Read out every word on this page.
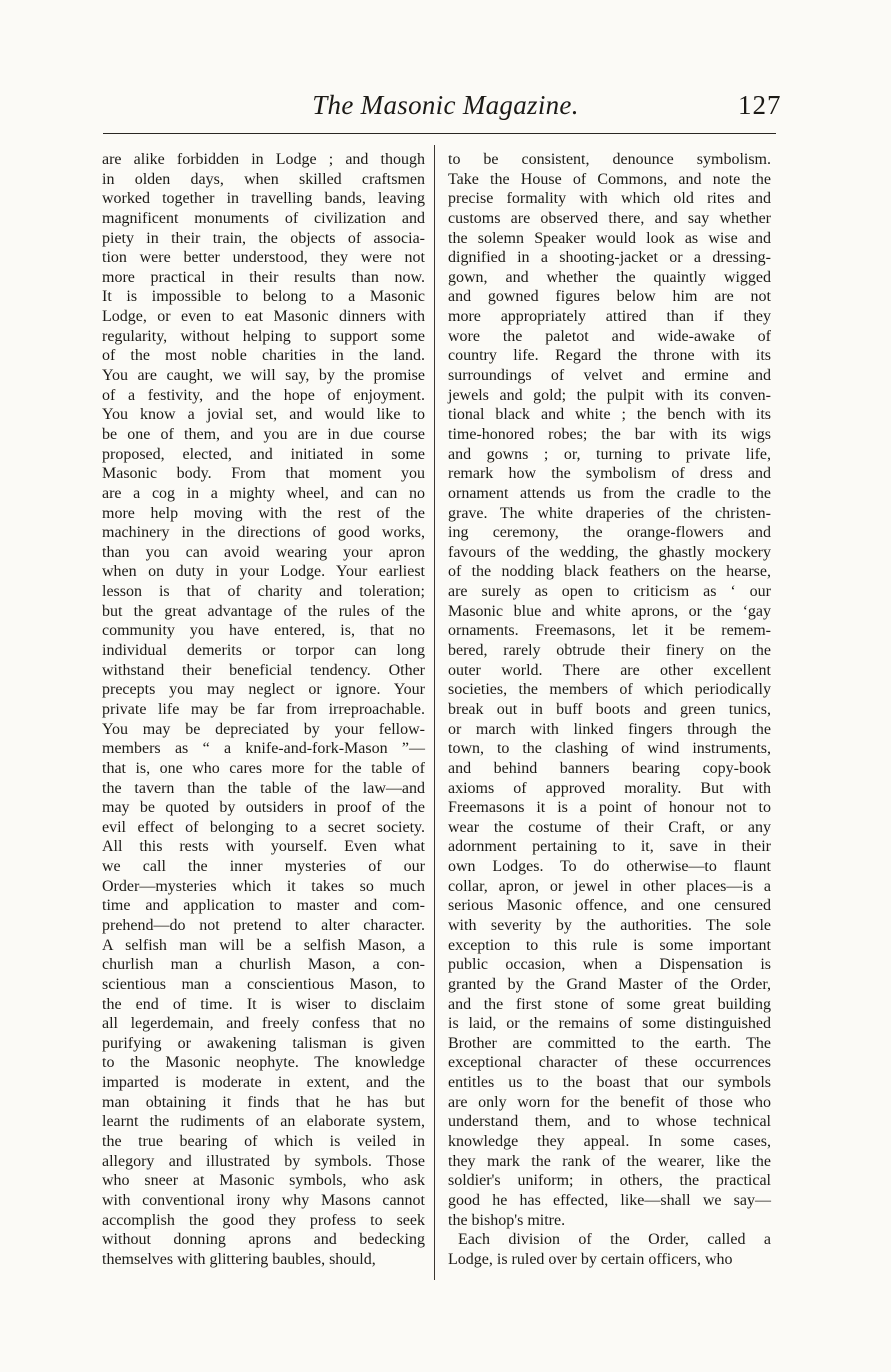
The Masonic Magazine.	127
are alike forbidden in Lodge ; and though
in olden days, when skilled craftsmen
worked together in travelling bands, leaving
magnificent monuments of civilization and
piety in their train, the objects of associa-
tion were better understood, they were not
more practical in their results than now.
It is impossible to belong to a Masonic
Lodge, or even to eat Masonic dinners with
regularity, without helping to support some
of the most noble charities in the land.
You are caught, we will say, by the promise
of a festivity, and the hope of enjoyment.
You know a jovial set, and would like to
be one of them, and you are in due course
proposed, elected, and initiated in some
Masonic body. From that moment you
are a cog in a mighty wheel, and can no
more help moving with the rest of the
machinery in the directions of good works,
than you can avoid wearing your apron
when on duty in your Lodge. Your earliest
lesson is that of charity and toleration;
but the great advantage of the rules of the
community you have entered, is, that no
individual demerits or torpor can long
withstand their beneficial tendency. Other
precepts you may neglect or ignore. Your
private life may be far from irreproachable.
You may be depreciated by your fellow-
members as “ a knife-and-fork-Mason ”—
that is, one who cares more for the table of
the tavern than the table of the law—and
may be quoted by outsiders in proof of the
evil effect of belonging to a secret society.
All this rests with yourself. Even what
we call the inner mysteries of our
Order—mysteries which it takes so much
time and application to master and com-
prehend—do not pretend to alter character.
A selfish man will be a selfish Mason, a
churlish man a churlish Mason, a con-
scientious man a conscientious Mason, to
the end of time. It is wiser to disclaim
all legerdemain, and freely confess that no
purifying or awakening talisman is given
to the Masonic neophyte. The knowledge
imparted is moderate in extent, and the
man obtaining it finds that he has but
learnt the rudiments of an elaborate system,
the true bearing of which is veiled in
allegory and illustrated by symbols. Those
who sneer at Masonic symbols, who ask
with conventional irony why Masons cannot
accomplish the good they profess to seek
without donning aprons and bedecking
themselves with glittering baubles, should,
to be consistent, denounce symbolism.
Take the House of Commons, and note the
precise formality with which old rites and
customs are observed there, and say whether
the solemn Speaker would look as wise and
dignified in a shooting-jacket or a dressing-
gown, and whether the quaintly wigged
and gowned figures below him are not
more appropriately attired than if they
wore the paletot and wide-awake of
country life. Regard the throne with its
surroundings of velvet and ermine and
jewels and gold; the pulpit with its conven-
tional black and white ; the bench with its
time-honored robes; the bar with its wigs
and gowns ; or, turning to private life,
remark how the symbolism of dress and
ornament attends us from the cradle to the
grave. The white draperies of the christen-
ing ceremony, the orange-flowers and
favours of the wedding, the ghastly mockery
of the nodding black feathers on the hearse,
are surely as open to criticism as ‘ our
Masonic blue and white aprons, or the ‘gay
ornaments. Freemasons, let it be remem-
bered, rarely obtrude their finery on the
outer world. There are other excellent
societies, the members of which periodically
break out in buff boots and green tunics,
or march with linked fingers through the
town, to the clashing of wind instruments,
and behind banners bearing copy-book
axioms of approved morality. But with
Freemasons it is a point of honour not to
wear the costume of their Craft, or any
adornment pertaining to it, save in their
own Lodges. To do otherwise—to flaunt
collar, apron, or jewel in other places—is a
serious Masonic offence, and one censured
with severity by the authorities. The sole
exception to this rule is some important
public occasion, when a Dispensation is
granted by the Grand Master of the Order,
and the first stone of some great building
is laid, or the remains of some distinguished
Brother are committed to the earth. The
exceptional character of these occurrences
entitles us to the boast that our symbols
are only worn for the benefit of those who
understand them, and to whose technical
knowledge they appeal. In some cases,
they mark the rank of the wearer, like the
soldier's uniform; in others, the practical
good he has effected, like—shall we say—
the bishop's mitre.
Each division of the Order, called a
Lodge, is ruled over by certain officers, who
